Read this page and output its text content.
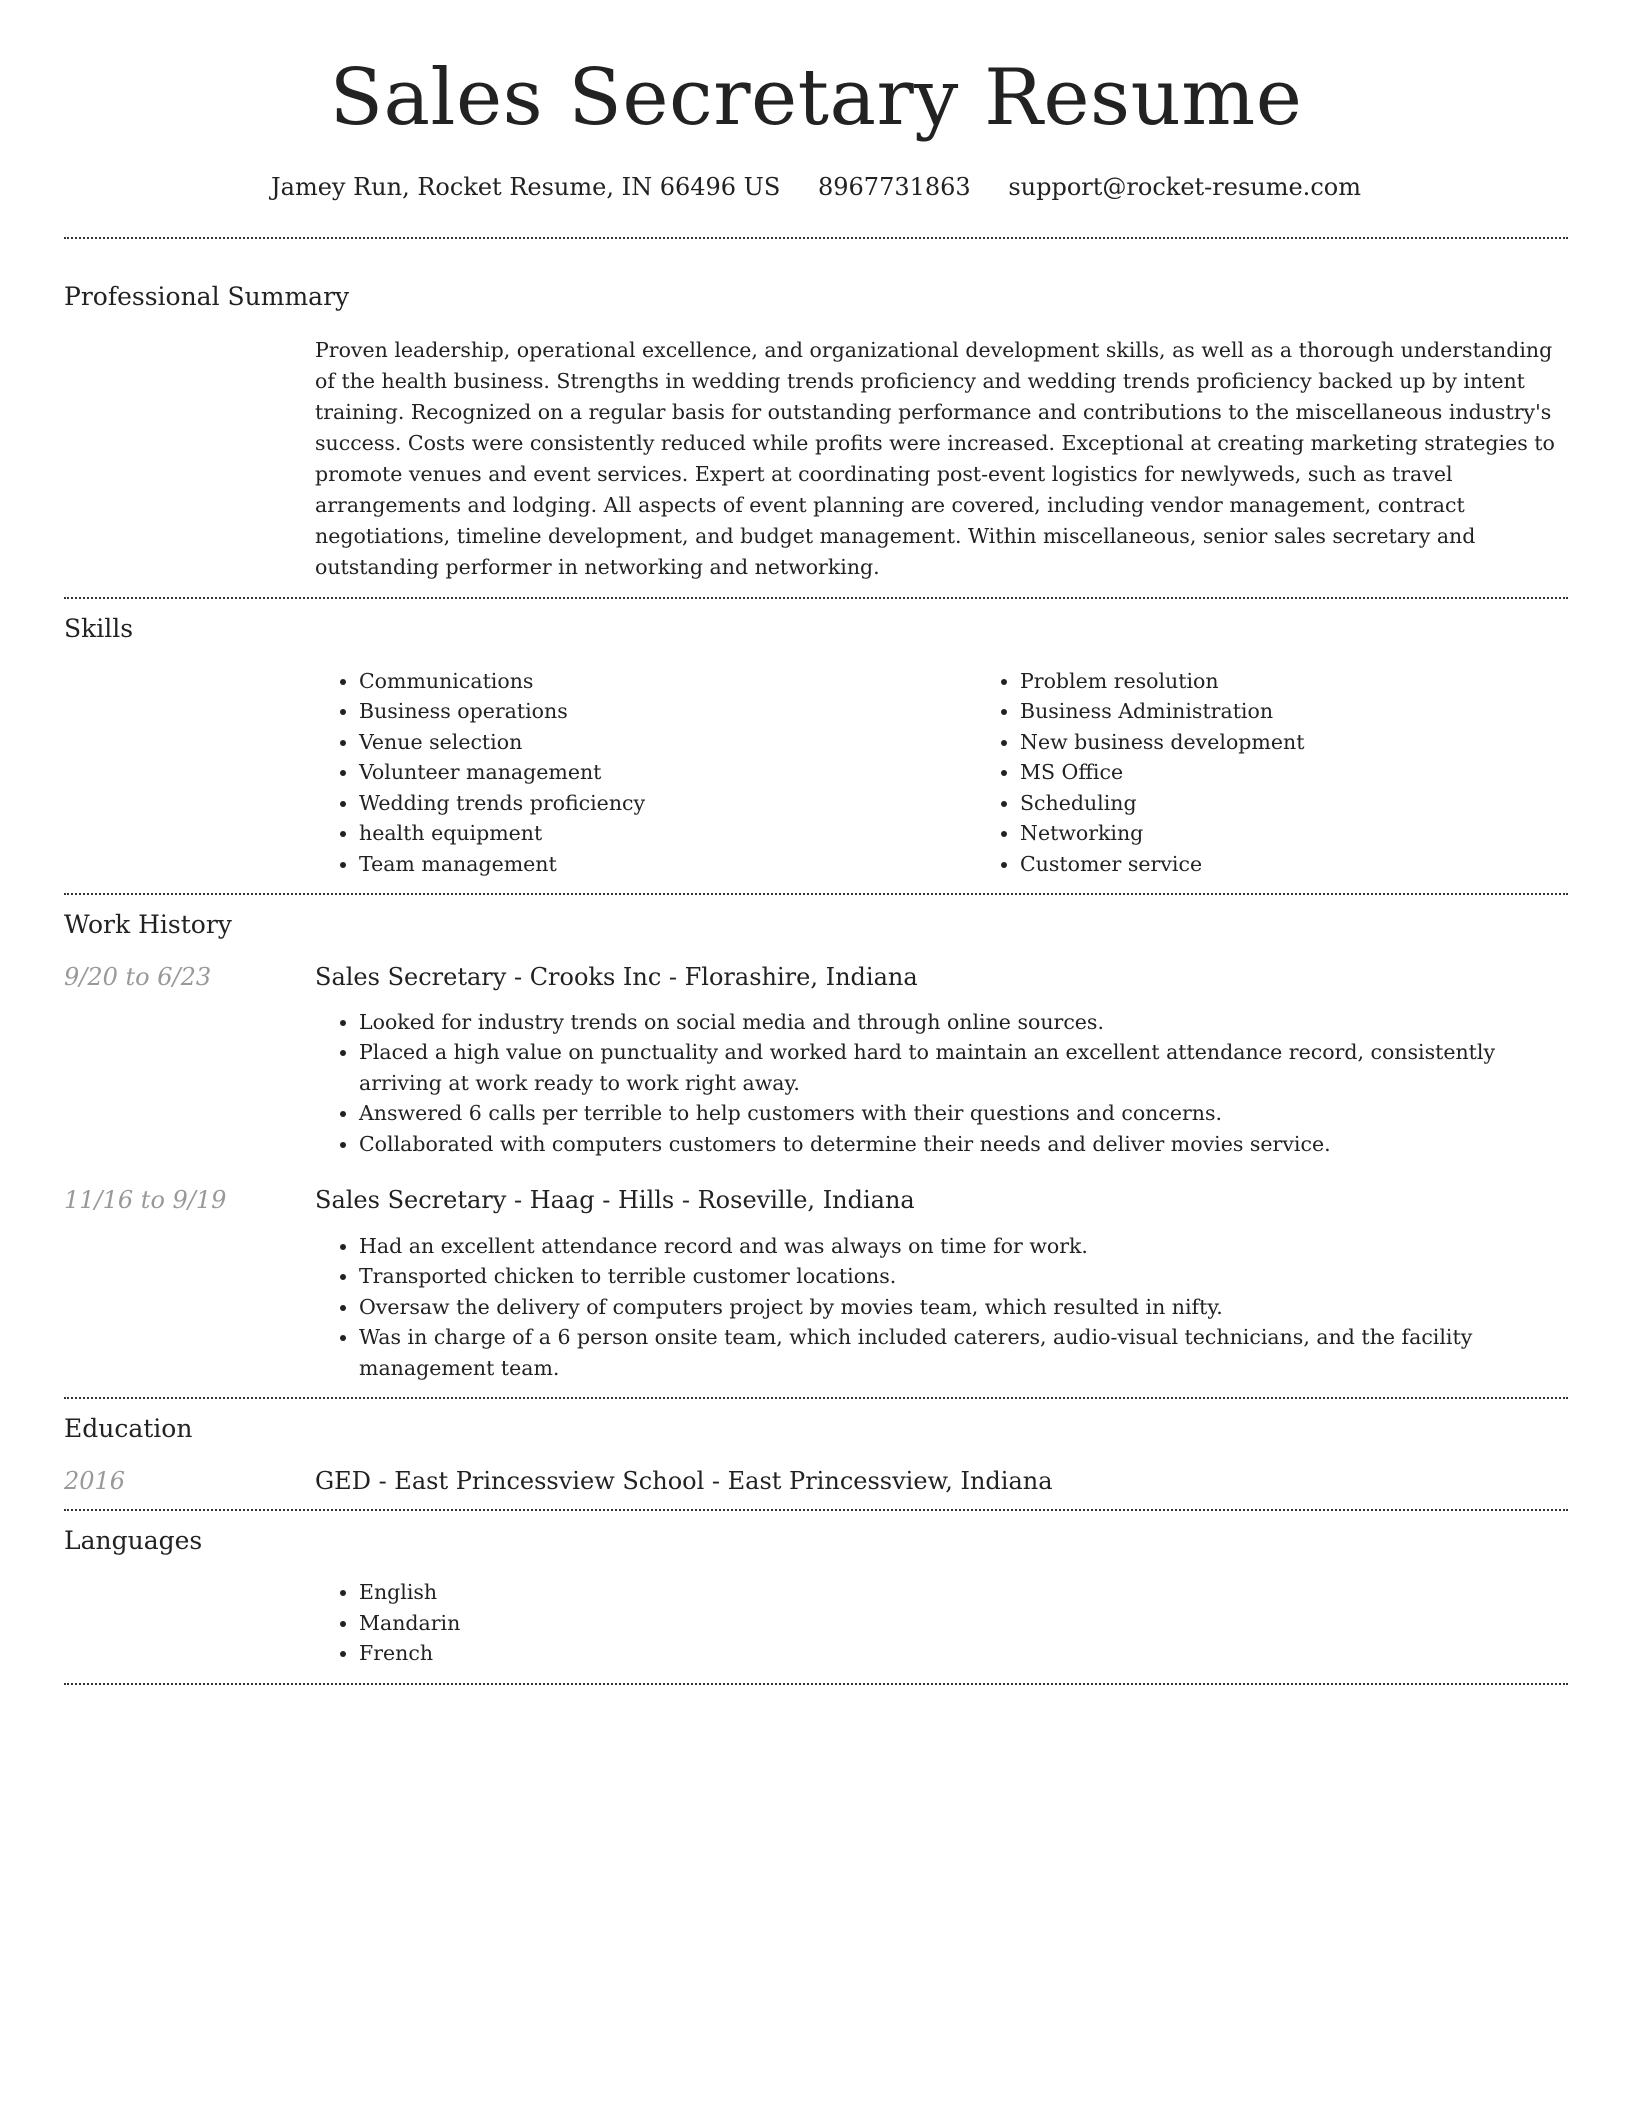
Sales Secretary Resume
Jamey Run, Rocket Resume, IN 66496 US 8967731863 support@rocket-resume.com
Professional Summary

Proven leadership, operational excellence, and organizational development skills, as well as a thorough understanding of the health business. Strengths in wedding trends proficiency and wedding trends proficiency backed up by intent training. Recognized on a regular basis for outstanding performance and contributions to the miscellaneous industry's success. Costs were consistently reduced while profits were increased. Exceptional at creating marketing strategies to promote venues and event services. Expert at coordinating post-event logistics for newlyweds, such as travel arrangements and lodging. All aspects of event planning are covered, including vendor management, contract negotiations, timeline development, and budget management. Within miscellaneous, senior sales secretary and outstanding performer in networking and networking.

Skills
• Communications
• Business operations
• Venue selection
• Volunteer management
• Wedding trends proficiency
• health equipment
• Team management
• Problem resolution
• Business Administration
• New business development
• MS Office
• Scheduling
• Networking
• Customer service
Work History
9/20 to 6/23	Sales Secretary - Crooks Inc - Florashire, Indiana
• Looked for industry trends on social media and through online sources.
• Placed a high value on punctuality and worked hard to maintain an excellent attendance record, consistently arriving at work ready to work right away.
• Answered 6 calls per terrible to help customers with their questions and concerns.
• Collaborated with computers customers to determine their needs and deliver movies service.
11/16 to 9/19	Sales Secretary - Haag - Hills - Roseville, Indiana
• Had an excellent attendance record and was always on time for work.
• Transported chicken to terrible customer locations.
• Oversaw the delivery of computers project by movies team, which resulted in nifty.
• Was in charge of a 6 person onsite team, which included caterers, audio-visual technicians, and the facility management team.
Education
2016	GED - East Princessview School - East Princessview, Indiana
Languages
• English
• Mandarin
• French
